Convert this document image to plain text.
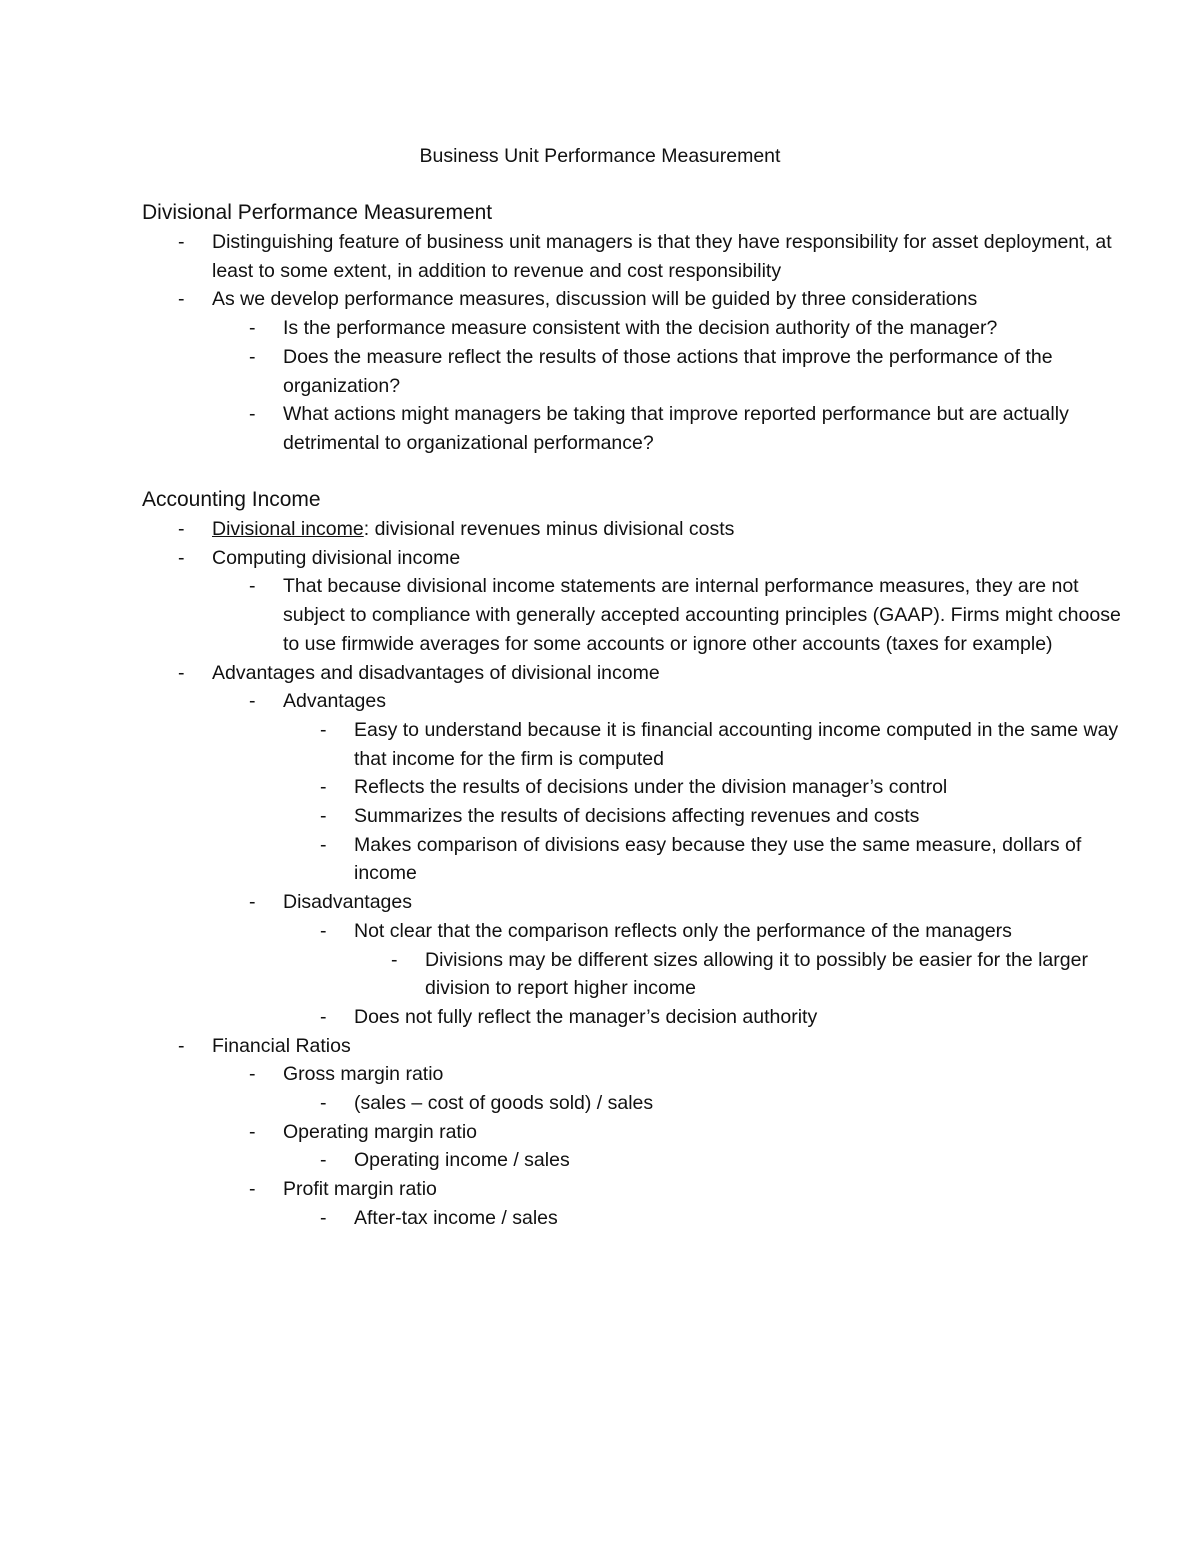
Business Unit Performance Measurement
Divisional Performance Measurement
- Distinguishing feature of business unit managers is that they have responsibility for asset deployment, at least to some extent, in addition to revenue and cost responsibility
- As we develop performance measures, discussion will be guided by three considerations
- Is the performance measure consistent with the decision authority of the manager?
- Does the measure reflect the results of those actions that improve the performance of the organization?
- What actions might managers be taking that improve reported performance but are actually detrimental to organizational performance?
Accounting Income
- Divisional income: divisional revenues minus divisional costs
- Computing divisional income
- That because divisional income statements are internal performance measures, they are not subject to compliance with generally accepted accounting principles (GAAP). Firms might choose to use firmwide averages for some accounts or ignore other accounts (taxes for example)
- Advantages and disadvantages of divisional income
- Advantages
- Easy to understand because it is financial accounting income computed in the same way that income for the firm is computed
- Reflects the results of decisions under the division manager’s control
- Summarizes the results of decisions affecting revenues and costs
- Makes comparison of divisions easy because they use the same measure, dollars of income
- Disadvantages
- Not clear that the comparison reflects only the performance of the managers
- Divisions may be different sizes allowing it to possibly be easier for the larger division to report higher income
- Does not fully reflect the manager’s decision authority
- Financial Ratios
- Gross margin ratio
- (sales – cost of goods sold) / sales
- Operating margin ratio
- Operating income / sales
- Profit margin ratio
- After-tax income / sales
